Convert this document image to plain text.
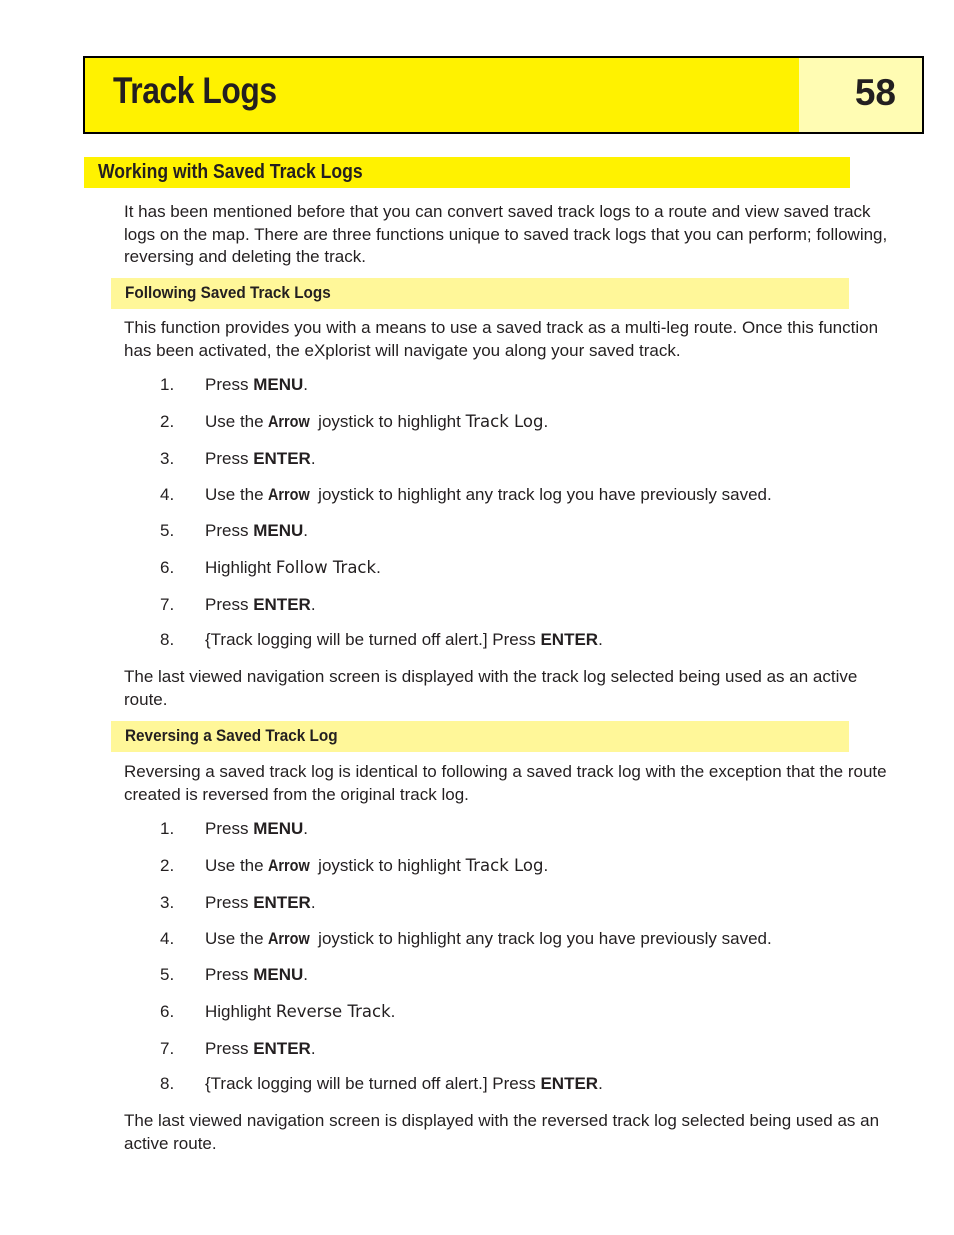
Track Logs	58
Working with Saved Track Logs
It has been mentioned before that you can convert saved track logs to a route and view saved track logs on the map. There are three functions unique to saved track logs that you can perform; following, reversing and deleting the track.
Following Saved Track Logs
This function provides you with a means to use a saved track as a multi-leg route. Once this function has been activated, the eXplorist will navigate you along your saved track.
1. Press MENU.
2. Use the Arrow joystick to highlight Track Log.
3. Press ENTER.
4. Use the Arrow joystick to highlight any track log you have previously saved.
5. Press MENU.
6. Highlight Follow Track.
7. Press ENTER.
8. {Track logging will be turned off alert.] Press ENTER.
The last viewed navigation screen is displayed with the track log selected being used as an active route.
Reversing a Saved Track Log
Reversing a saved track log is identical to following a saved track log with the exception that the route created is reversed from the original track log.
1. Press MENU.
2. Use the Arrow joystick to highlight Track Log.
3. Press ENTER.
4. Use the Arrow joystick to highlight any track log you have previously saved.
5. Press MENU.
6. Highlight Reverse Track.
7. Press ENTER.
8. {Track logging will be turned off alert.] Press ENTER.
The last viewed navigation screen is displayed with the reversed track log selected being used as an active route.
